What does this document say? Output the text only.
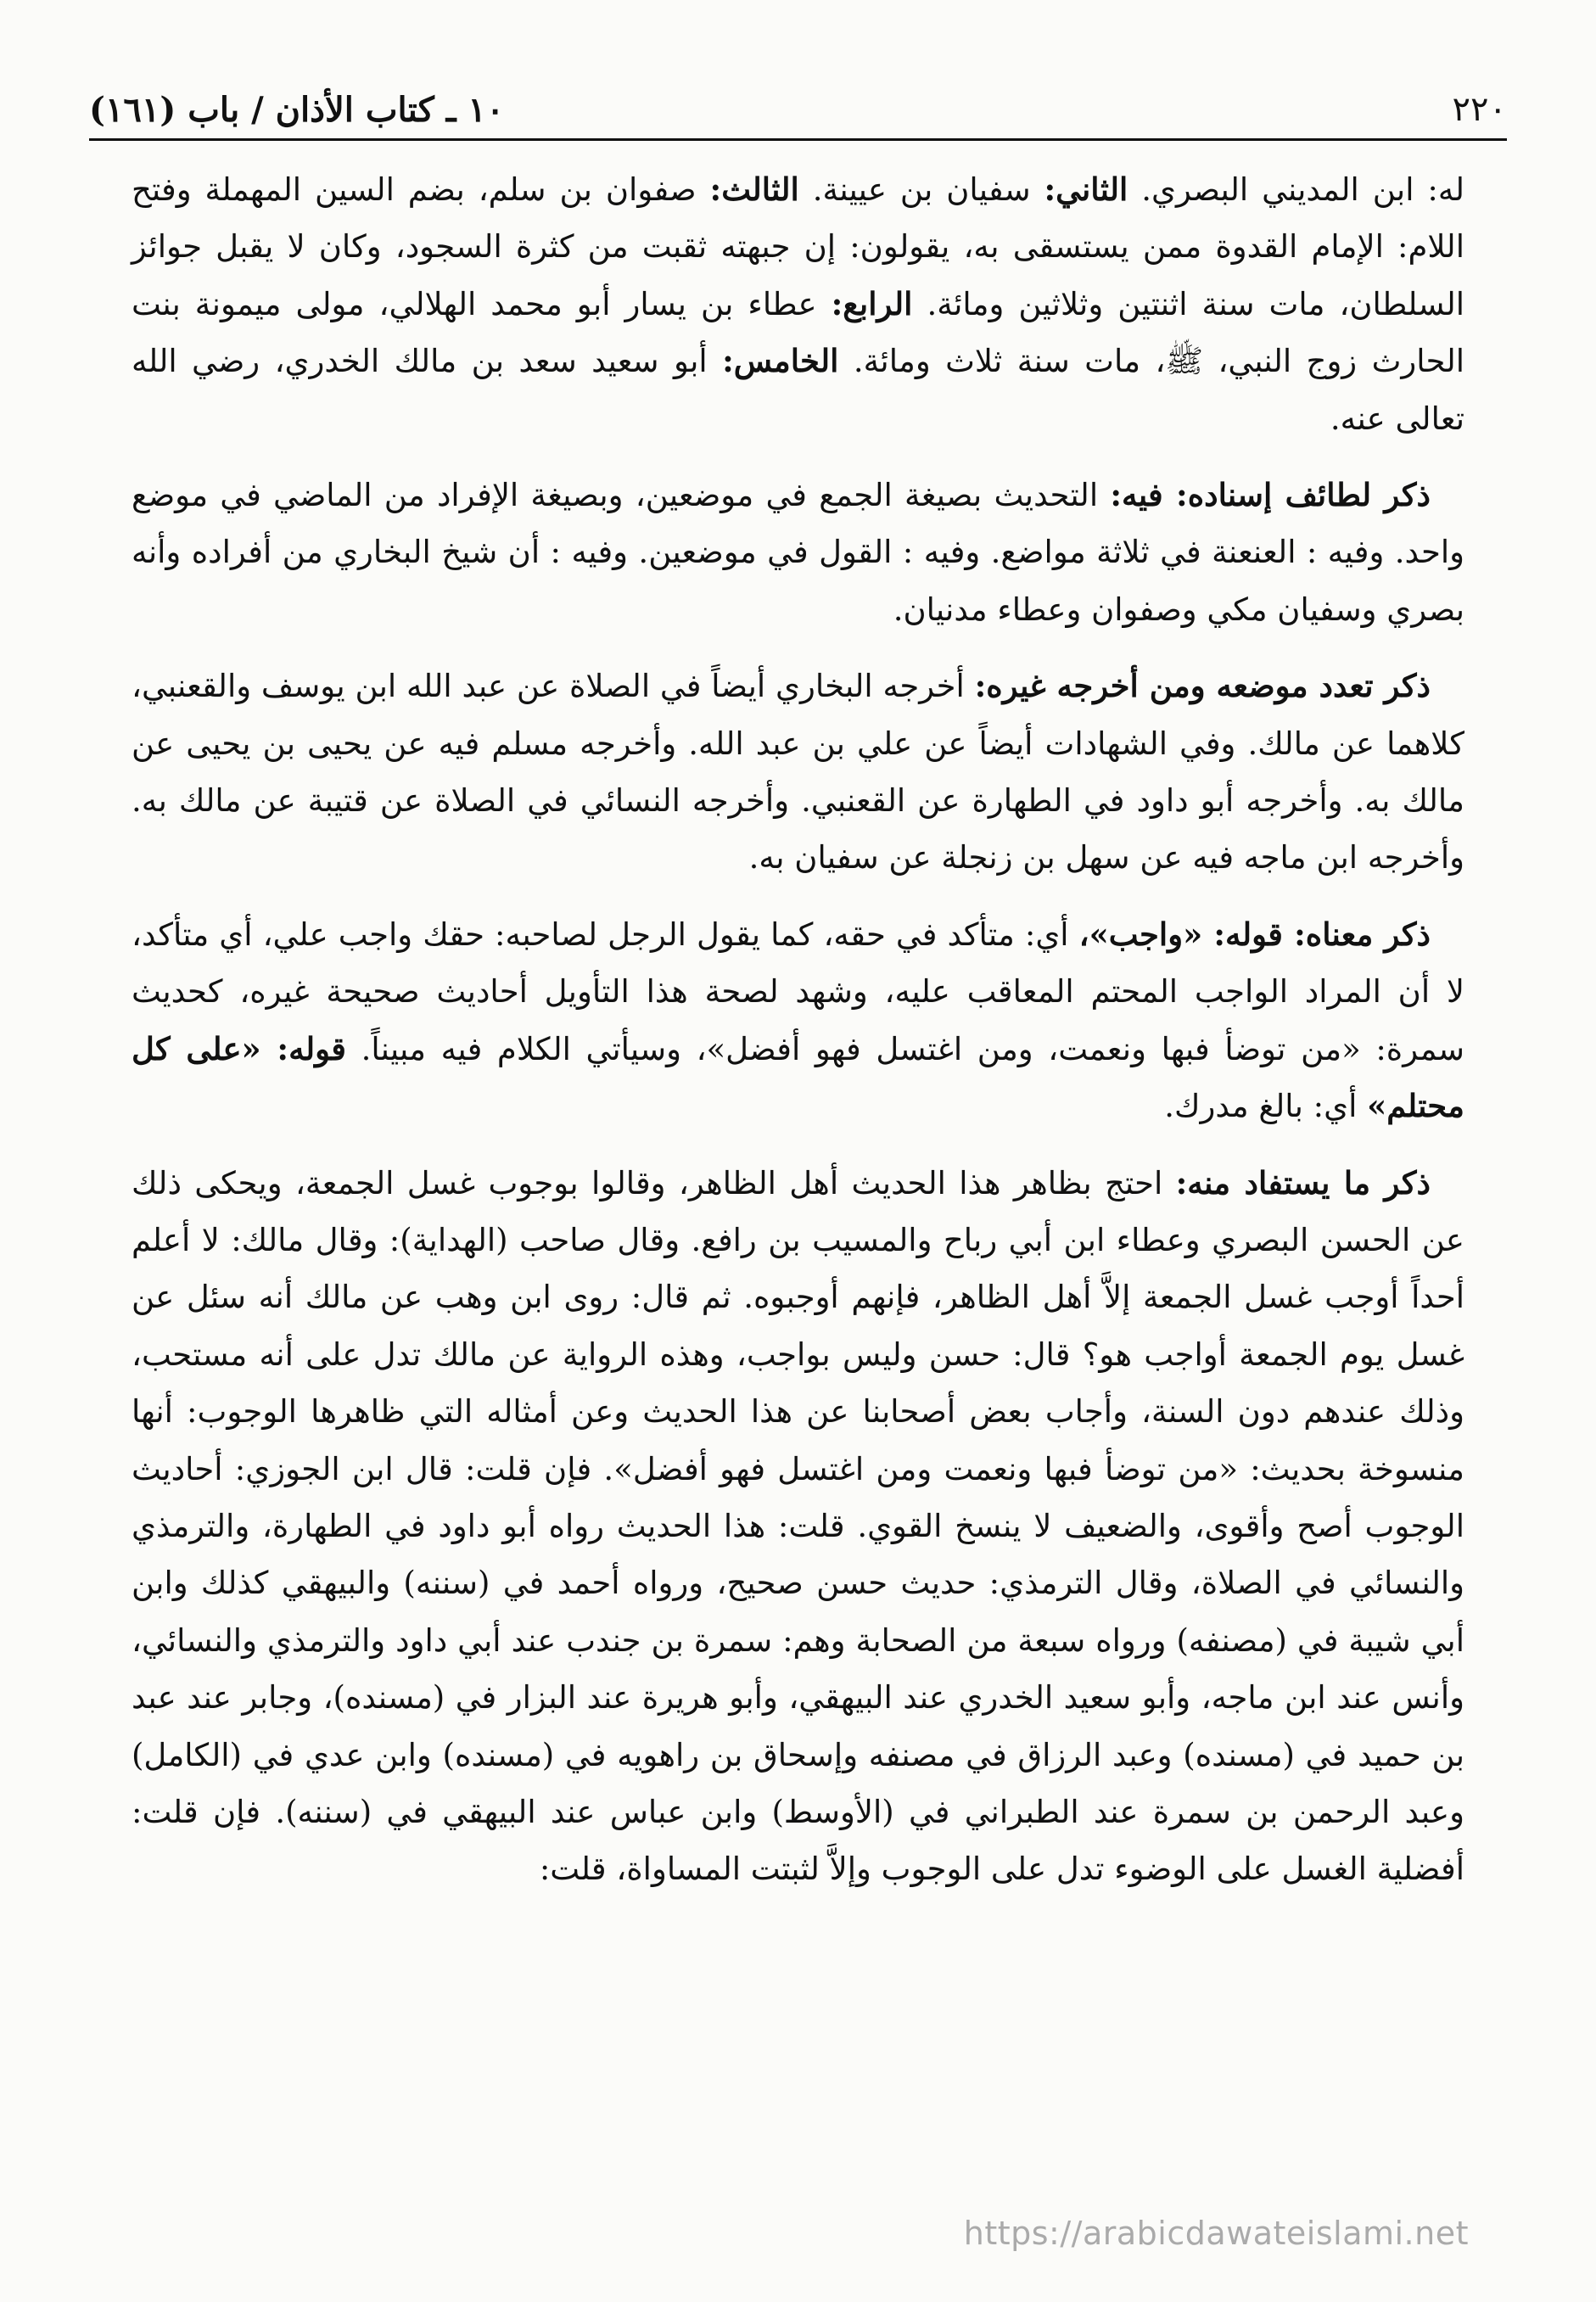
٢٢٠
١٠ ـ كتاب الأذان / باب (١٦١)

له: ابن المديني البصري. الثاني: سفيان بن عيينة. الثالث: صفوان بن سلم، بضم السين المهملة وفتح اللام: الإمام القدوة ممن يستسقى به، يقولون: إن جبهته ثقبت من كثرة السجود، وكان لا يقبل جوائز السلطان، مات سنة اثنتين وثلاثين ومائة. الرابع: عطاء بن يسار أبو محمد الهلالي، مولى ميمونة بنت الحارث زوج النبي، ﷺ، مات سنة ثلاث ومائة. الخامس: أبو سعيد سعد بن مالك الخدري، رضي الله تعالى عنه.

ذكر لطائف إسناده: فيه: التحديث بصيغة الجمع في موضعين، وبصيغة الإفراد من الماضي في موضع واحد. وفيه : العنعنة في ثلاثة مواضع. وفيه : القول في موضعين. وفيه : أن شيخ البخاري من أفراده وأنه بصري وسفيان مكي وصفوان وعطاء مدنيان.

ذكر تعدد موضعه ومن أخرجه غيره: أخرجه البخاري أيضاً في الصلاة عن عبد الله ابن يوسف والقعنبي، كلاهما عن مالك. وفي الشهادات أيضاً عن علي بن عبد الله. وأخرجه مسلم فيه عن يحيى بن يحيى عن مالك به. وأخرجه أبو داود في الطهارة عن القعنبي. وأخرجه النسائي في الصلاة عن قتيبة عن مالك به. وأخرجه ابن ماجه فيه عن سهل بن زنجلة عن سفيان به.

ذكر معناه: قوله: «واجب»، أي: متأكد في حقه، كما يقول الرجل لصاحبه: حقك واجب علي، أي متأكد، لا أن المراد الواجب المحتم المعاقب عليه، وشهد لصحة هذا التأويل أحاديث صحيحة غيره، كحديث سمرة: «من توضأ فبها ونعمت، ومن اغتسل فهو أفضل»، وسيأتي الكلام فيه مبيناً. قوله: «على كل محتلم» أي: بالغ مدرك.

ذكر ما يستفاد منه: احتج بظاهر هذا الحديث أهل الظاهر، وقالوا بوجوب غسل الجمعة، ويحكى ذلك عن الحسن البصري وعطاء ابن أبي رباح والمسيب بن رافع. وقال صاحب (الهداية): وقال مالك: لا أعلم أحداً أوجب غسل الجمعة إلاَّ أهل الظاهر، فإنهم أوجبوه. ثم قال: روى ابن وهب عن مالك أنه سئل عن غسل يوم الجمعة أواجب هو؟ قال: حسن وليس بواجب، وهذه الرواية عن مالك تدل على أنه مستحب، وذلك عندهم دون السنة، وأجاب بعض أصحابنا عن هذا الحديث وعن أمثاله التي ظاهرها الوجوب: أنها منسوخة بحديث: «من توضأ فبها ونعمت ومن اغتسل فهو أفضل». فإن قلت: قال ابن الجوزي: أحاديث الوجوب أصح وأقوى، والضعيف لا ينسخ القوي. قلت: هذا الحديث رواه أبو داود في الطهارة، والترمذي والنسائي في الصلاة، وقال الترمذي: حديث حسن صحيح، ورواه أحمد في (سننه) والبيهقي كذلك وابن أبي شيبة في (مصنفه) ورواه سبعة من الصحابة وهم: سمرة بن جندب عند أبي داود والترمذي والنسائي، وأنس عند ابن ماجه، وأبو سعيد الخدري عند البيهقي، وأبو هريرة عند البزار في (مسنده)، وجابر عند عبد بن حميد في (مسنده) وعبد الرزاق في مصنفه وإسحاق بن راهويه في (مسنده) وابن عدي في (الكامل) وعبد الرحمن بن سمرة عند الطبراني في (الأوسط) وابن عباس عند البيهقي في (سننه). فإن قلت: أفضلية الغسل على الوضوء تدل على الوجوب وإلاَّ لثبتت المساواة، قلت:

https://arabicdawateislami.net
